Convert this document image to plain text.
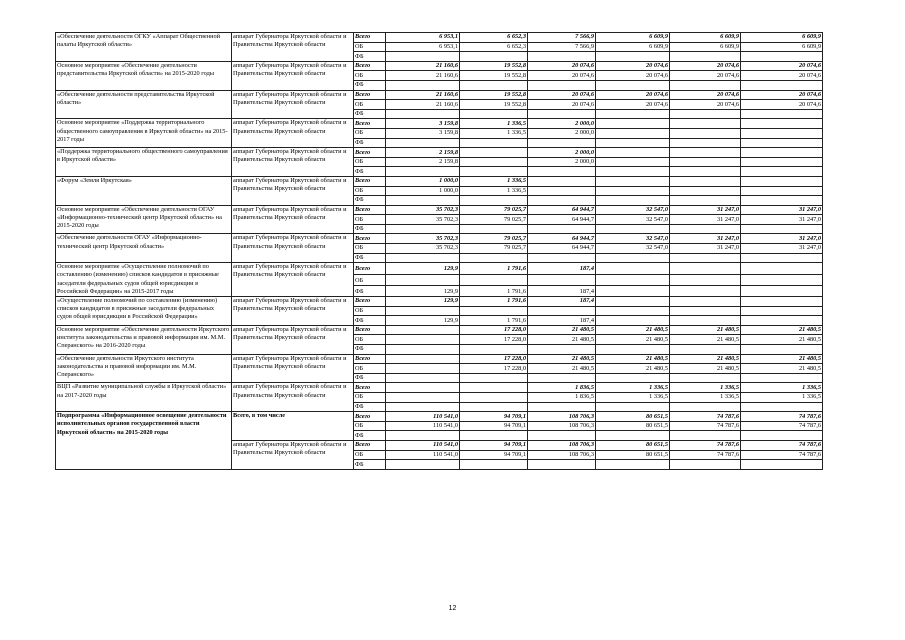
«Обеспечение деятельности ОГКУ «Аппарат Общественной палаты Иркутской области»	аппарат Губернатора Иркутской области и Правительства Иркутской области	Всего	6 953,1	6 652,3	7 566,9	6 609,9	6 609,9	6 609,9
		ОБ	6 953,1	6 652,3	7 566,9	6 609,9	6 609,9	6 609,9
		ФБ						
Основное мероприятие «Обеспечение деятельности представительства Иркутской области» на 2015-2020 годы	аппарат Губернатора Иркутской области и Правительства Иркутской области	Всего	21 160,6	19 552,8	20 074,6	20 074,6	20 074,6	20 074,6
		ОБ	21 160,6	19 552,8	20 074,6	20 074,6	20 074,6	20 074,6
		ФБ						
«Обеспечение деятельности представительства Иркутской области»	аппарат Губернатора Иркутской области и Правительства Иркутской области	Всего	21 160,6	19 552,8	20 074,6	20 074,6	20 074,6	20 074,6
		ОБ	21 160,6	19 552,8	20 074,6	20 074,6	20 074,6	20 074,6
		ФБ						
Основное мероприятие «Поддержка территориального общественного самоуправления в Иркутской области» на 2015-2017 годы	аппарат Губернатора Иркутской области и Правительства Иркутской области	Всего	3 159,8	1 336,5	2 000,0			
		ОБ	3 159,8	1 336,5	2 000,0			
		ФБ						
«Поддержка территориального общественного самоуправления в Иркутской области»	аппарат Губернатора Иркутской области и Правительства Иркутской области	Всего	2 159,8		2 000,0			
		ОБ	2 159,8		2 000,0			
		ФБ						
«Форум «Земля Иркутская»	аппарат Губернатора Иркутской области и Правительства Иркутской области	Всего	1 000,0	1 336,5				
		ОБ	1 000,0	1 336,5				
		ФБ						
Основное мероприятие «Обеспечение деятельности ОГАУ «Информационно-технический центр Иркутской области» на 2015-2020 годы	аппарат Губернатора Иркутской области и Правительства Иркутской области	Всего	35 702,3	79 025,7	64 944,7	32 547,0	31 247,0	31 247,0
		ОБ	35 702,3	79 025,7	64 944,7	32 547,0	31 247,0	31 247,0
		ФБ						
«Обеспечение деятельности ОГАУ «Информационно-технический центр Иркутской области»	аппарат Губернатора Иркутской области и Правительства Иркутской области	Всего	35 702,3	79 025,7	64 944,7	32 547,0	31 247,0	31 247,0
		ОБ	35 702,3	79 025,7	64 944,7	32 547,0	31 247,0	31 247,0
		ФБ						
Основное мероприятие «Осуществление полномочий по составлению (изменению) списков кандидатов в присяжные заседатели федеральных судов общей юрисдикции в Российской Федерации» на 2015-2017 годы	аппарат Губернатора Иркутской области и Правительства Иркутской области	Всего	129,9	1 791,6	187,4			
		ОБ						
		ФБ	129,9	1 791,6	187,4			
«Осуществление полномочий по составлению (изменению) списков кандидатов в присяжные заседатели федеральных судов общей юрисдикции в Российской Федерации»	аппарат Губернатора Иркутской области и Правительства Иркутской области	Всего	129,9	1 791,6	187,4			
		ОБ						
		ФБ	129,9	1 791,6	187,4			
Основное мероприятие «Обеспечение деятельности Иркутского института законодательства и правовой информации им. М.М. Сперанского» на 2016-2020 годы	аппарат Губернатора Иркутской области и Правительства Иркутской области	Всего		17 228,0	21 480,5	21 480,5	21 480,5	21 480,5
		ОБ		17 228,0	21 480,5	21 480,5	21 480,5	21 480,5
		ФБ						
«Обеспечение деятельности Иркутского института законодательства и правовой информации им. М.М. Сперанского»	аппарат Губернатора Иркутской области и Правительства Иркутской области	Всего		17 228,0	21 480,5	21 480,5	21 480,5	21 480,5
		ОБ		17 228,0	21 480,5	21 480,5	21 480,5	21 480,5
		ФБ						
ВЦП «Развитие муниципальной службы в Иркутской области» на 2017-2020 годы	аппарат Губернатора Иркутской области и Правительства Иркутской области	Всего			1 836,5	1 336,5	1 336,5	1 336,5
		ОБ			1 836,5	1 336,5	1 336,5	1 336,5
		ФБ						
Подпрограмма «Информационное освещение деятельности исполнительных органов государственной власти Иркутской области» на 2015-2020 годы	Всего, в том числе	Всего	110 541,0	94 709,1	108 706,3	80 651,5	74 787,6	74 787,6
		ОБ	110 541,0	94 709,1	108 706,3	80 651,5	74 787,6	74 787,6
		ФБ						
	аппарат Губернатора Иркутской области и Правительства Иркутской области	Всего	110 541,0	94 709,1	108 706,3	80 651,5	74 787,6	74 787,6
		ОБ	110 541,0	94 709,1	108 706,3	80 651,5	74 787,6	74 787,6
		ФБ						
12
